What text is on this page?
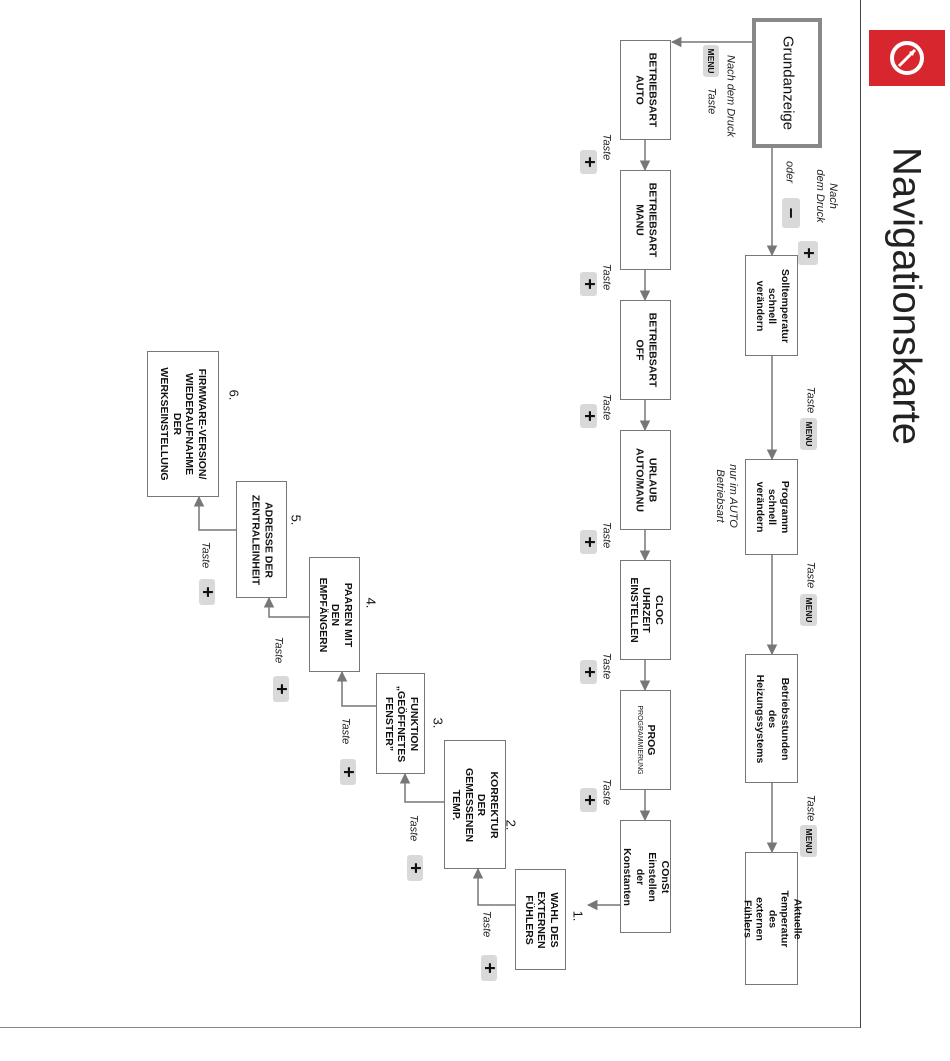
Navigationskarte
Grundanzeige
Solltemperatur
schnell
verändern
Programm
schnell
verändern
Betriebsstunden
des
Heizungssystems
Aktuelle Temperatur
des externen
Fühlers
BETRIEBSART
AUTO
BETRIEBSART
MANU
BETRIEBSART
OFF
URLAUB
AUTO/MANU
CLOC
UHRZEIT
EINSTELLEN
PROG
PROGRAMMIERUNG
COnSt
Einstellen der
Konstanten
WAHL DES
EXTERNEN
FÜHLERS
KORREKTUR
DER GEMESSENEN
TEMP.
FUNKTION
„GEÖFFNETES
FENSTER”
PAAREN MIT DEN
EMPFÄNGERN
ADRESSE DER
ZENTRALEINHEIT
FIRMWARE-VERSION/
WIEDERAUFNAHME
DER
WERKSEINSTELLUNG
Nach
dem Druck
oder
+
–
Nach dem Druck
MENU
Taste
Taste
MENU
Taste
MENU
Taste
MENU
nur im AUTO
Betriebsart
Taste
+
Taste
+
Taste
+
Taste
+
Taste
+
Taste
+
Taste
+
Taste
+
Taste
+
Taste
+
Taste
+
1.
2.
3.
4.
5.
6.
